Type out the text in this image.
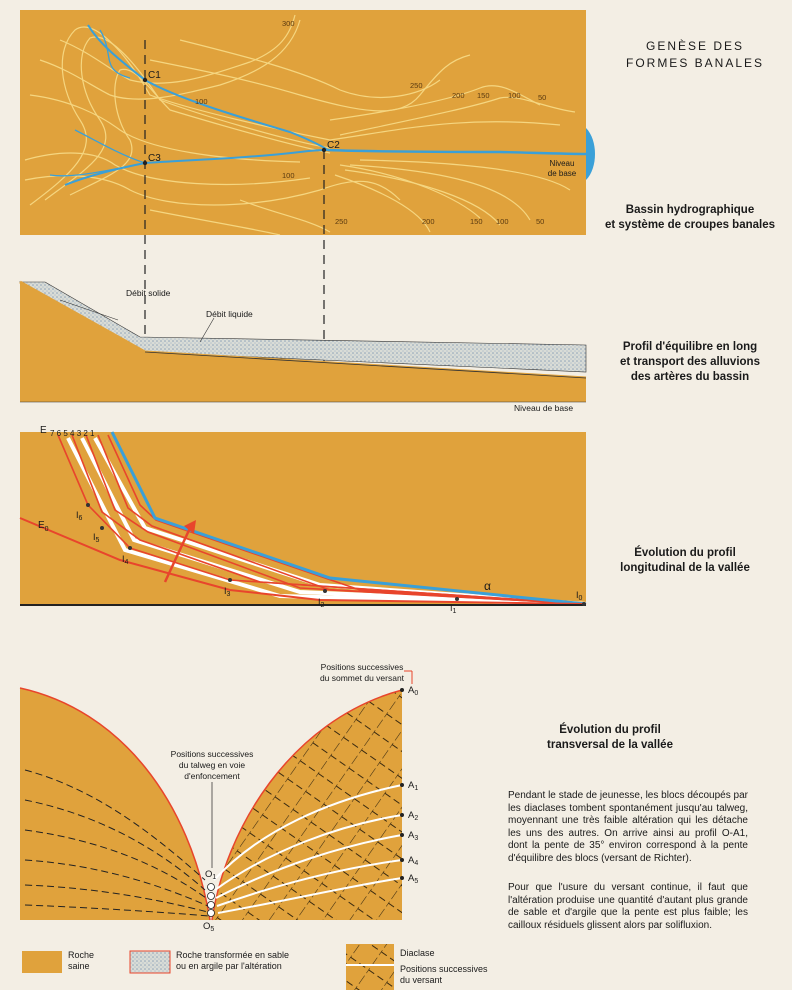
C1
C3
C2
300
250
200 150 100 50
100
100
250	200	150 100	50
Niveau
de base
Débit solide
Débit liquide
Niveau de base
E 7 6 5 4 3 2 1
$E_0$
α
$I_6$
$I_5$
$I_4$
$I_3$
$I_2$	$I_1$
$I_0$
$A_0$
$A_1$
$A_2$
$A_3$
$A_4$
$A_5$
$O_1$
$O_5$
Positions successives
du sommet du versant
Positions successives
du talweg en voie
d'enfoncement
GENÈSE DES
FORMES BANALES
Bassin hydrographique
et système de croupes banales
Profil d'équilibre en long
et transport des alluvions
des artères du bassin
Évolution du profil
longitudinal de la vallée
Évolution du profil
transversal de la vallée
Pendant le stade de jeunesse, les blocs découpés par les diaclases tombent spontanément jusqu'au talweg, moyennant une très faible altération qui les détache les uns des autres. On arrive ainsi au profil O-A1, dont la pente de 35° environ correspond à la pente d'équilibre des blocs (versant de Richter).
Pour que l'usure du versant continue, il faut que l'altération produise une quantité d'autant plus grande de sable et d'argile que la pente est plus faible; les cailloux résiduels glissent alors par solifluxion.
Roche
saine
Roche transformée en sable
ou en argile par l'altération
Diaclase
Positions successives
du versant
